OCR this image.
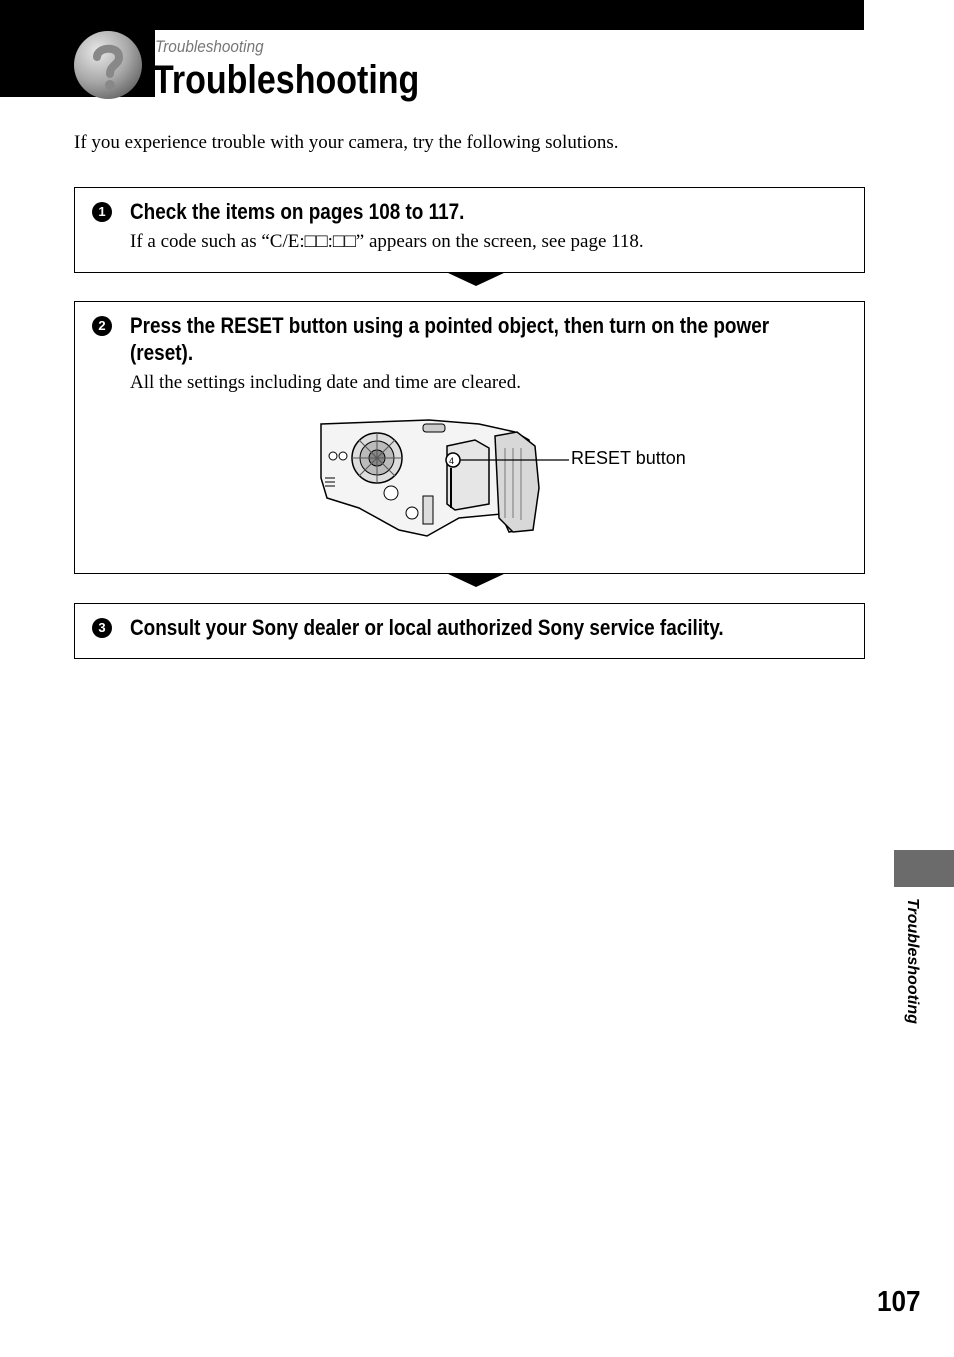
Troubleshooting
Troubleshooting
If you experience trouble with your camera, try the following solutions.
1 Check the items on pages 108 to 117.
If a code such as “C/E:□□:□□” appears on the screen, see page 118.
2 Press the RESET button using a pointed object, then turn on the power (reset).
All the settings including date and time are cleared.
4	RESET button
3 Consult your Sony dealer or local authorized Sony service facility.
Troubleshooting
107
